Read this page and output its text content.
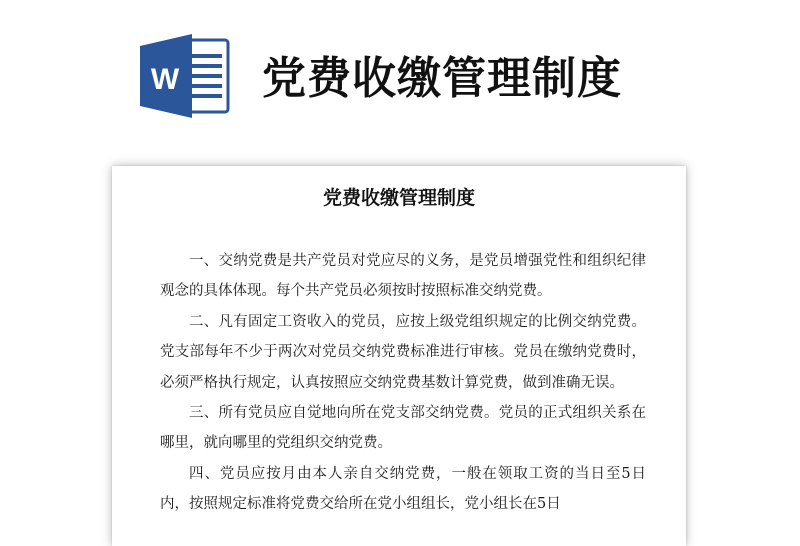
W 党费收缴管理制度
党费收缴管理制度

一、交纳党费是共产党员对党应尽的义务，是党员增强党性和组织纪律观念的具体体现。每个共产党员必须按时按照标准交纳党费。

二、凡有固定工资收入的党员，应按上级党组织规定的比例交纳党费。党支部每年不少于两次对党员交纳党费标准进行审核。党员在缴纳党费时，必须严格执行规定，认真按照应交纳党费基数计算党费，做到准确无误。

三、所有党员应自觉地向所在党支部交纳党费。党员的正式组织关系在哪里，就向哪里的党组织交纳党费。

四、党员应按月由本人亲自交纳党费，一般在领取工资的当日至5日内，按照规定标准将党费交给所在党小组组长，党小组长在5日
